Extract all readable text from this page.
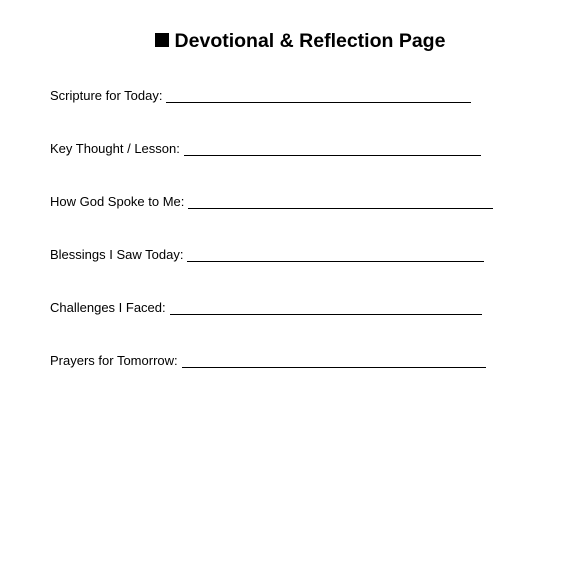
Devotional & Reflection Page
Scripture for Today:
Key Thought / Lesson:
How God Spoke to Me:
Blessings I Saw Today:
Challenges I Faced:
Prayers for Tomorrow:
